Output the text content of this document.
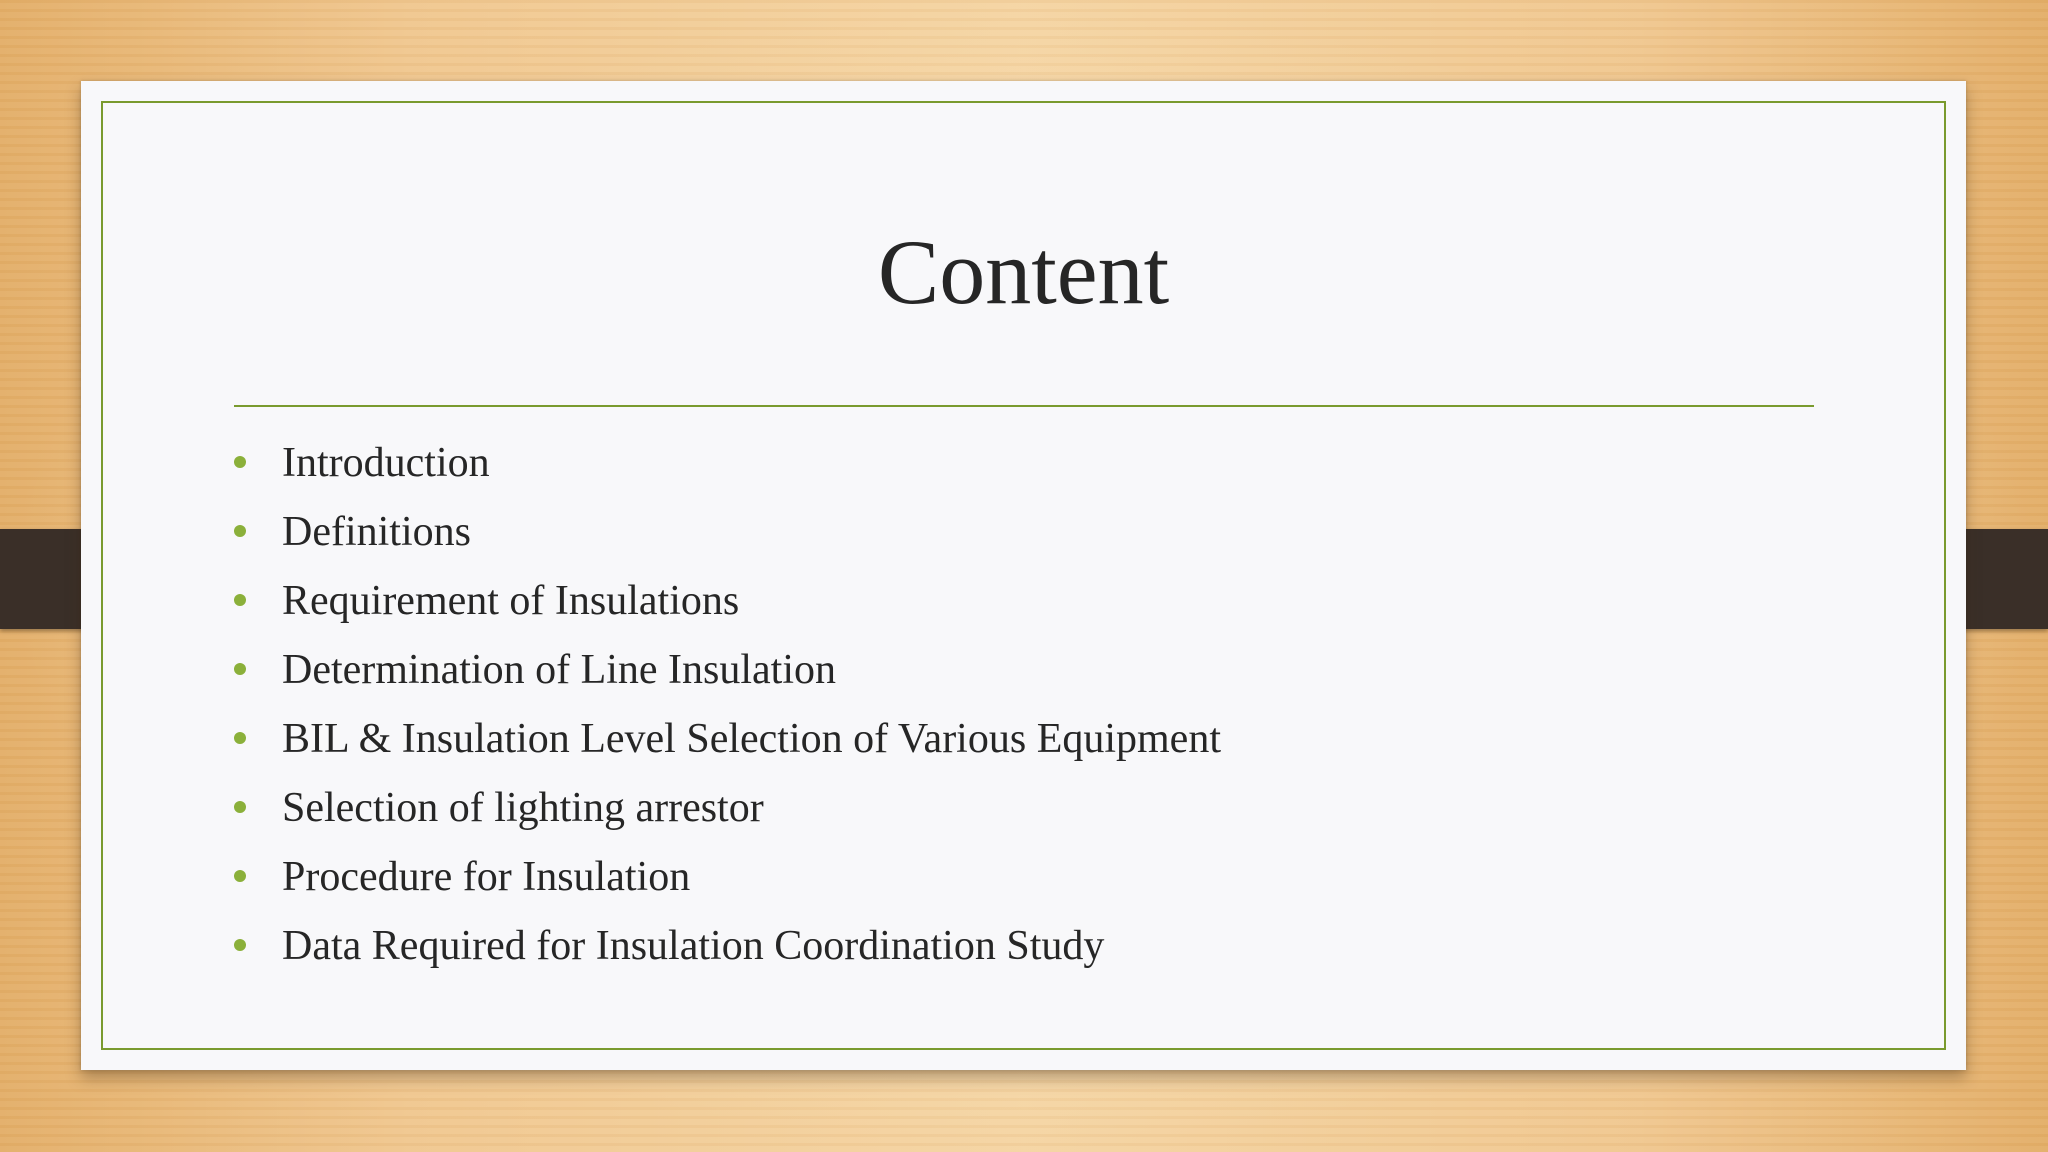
Content
Introduction
Definitions
Requirement of Insulations
Determination of Line Insulation
BIL & Insulation Level Selection of Various Equipment
Selection of lighting arrestor
Procedure for Insulation
Data Required for Insulation Coordination Study
